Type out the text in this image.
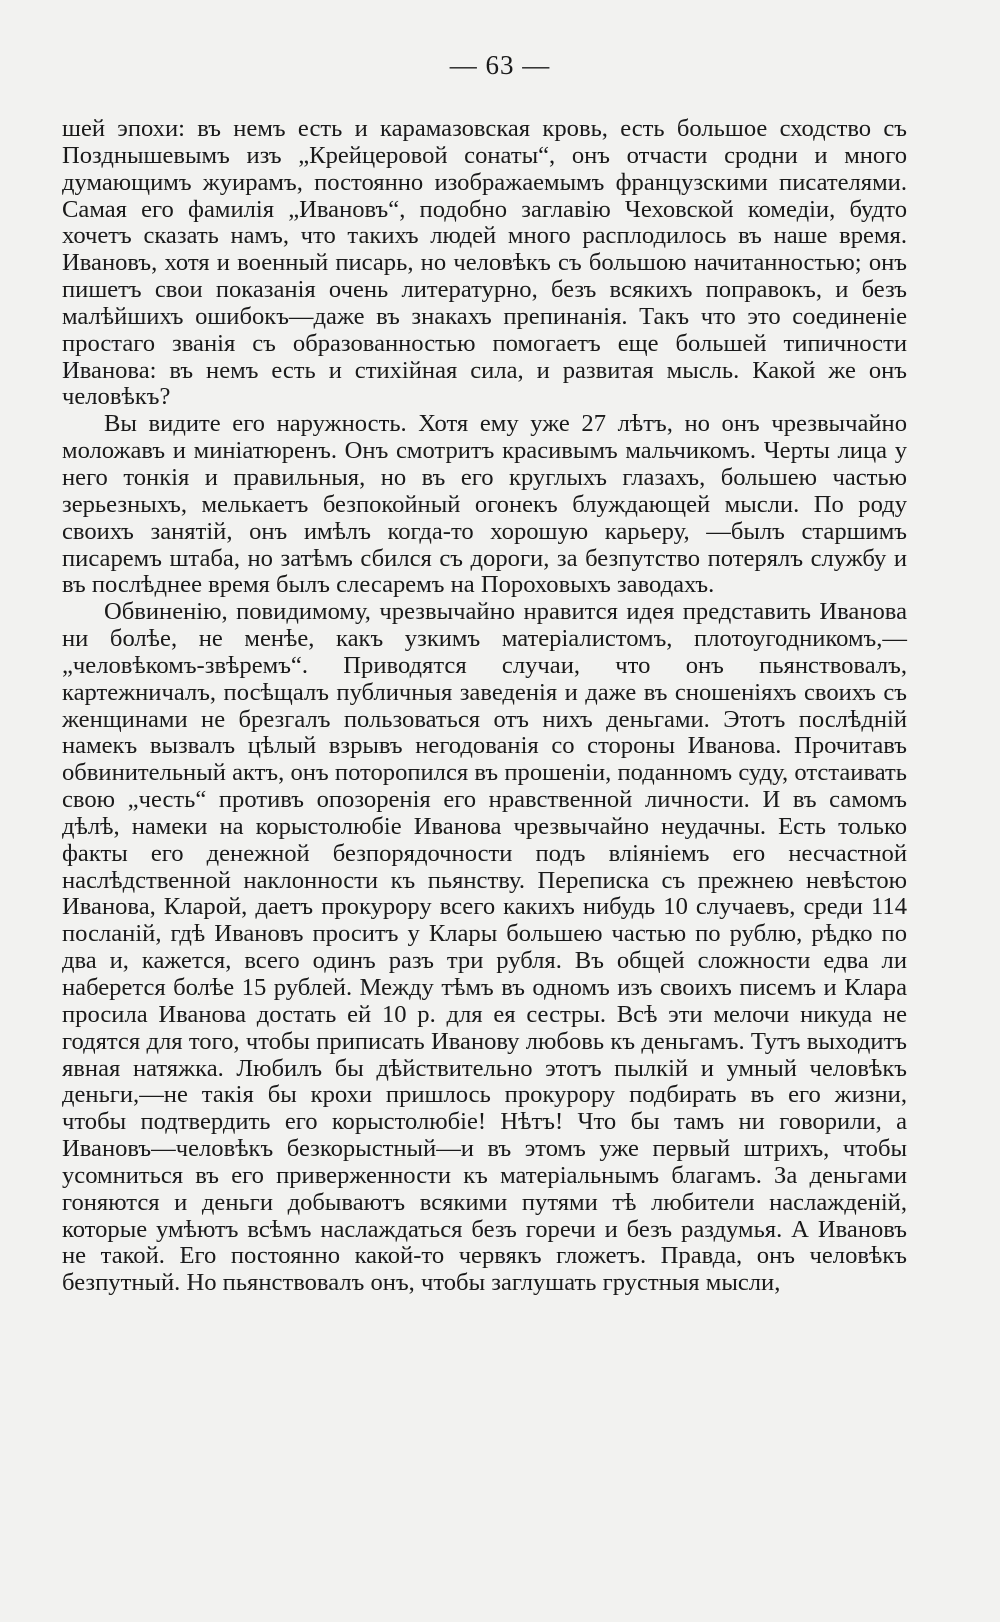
— 63 —

шей эпохи: въ немъ есть и карамазовская кровь, есть большое сходство съ Позднышевымъ изъ „Крейцеровой сонаты“, онъ отчасти сродни и много думающимъ жуирамъ, постоянно изображаемымъ французскими писателями. Самая его фамилія „Ивановъ“, подобно заглавію Чеховской комедіи, будто хочетъ сказать намъ, что такихъ людей много расплодилось въ наше время. Ивановъ, хотя и военный писарь, но человѣкъ съ большою начитанностью; онъ пишетъ свои показанія очень литературно, безъ всякихъ поправокъ, и безъ малѣйшихъ ошибокъ—даже въ знакахъ препинанія. Такъ что это соединеніе простаго званія съ образованностью помогаетъ еще большей типичности Иванова: въ немъ есть и стихійная сила, и развитая мысль. Какой же онъ человѣкъ?

Вы видите его наружность. Хотя ему уже 27 лѣтъ, но онъ чрезвычайно моложавъ и миніатюренъ. Онъ смотритъ красивымъ мальчикомъ. Черты лица у него тонкія и правильныя, но въ его круглыхъ глазахъ, большею частью зерьезныхъ, мелькаетъ безпокойный огонекъ блуждающей мысли. По роду своихъ занятій, онъ имѣлъ когда-то хорошую карьеру, —былъ старшимъ писаремъ штаба, но затѣмъ сбился съ дороги, за безпутство потерялъ службу и въ послѣднее время былъ слесаремъ на Пороховыхъ заводахъ.

Обвиненію, повидимому, чрезвычайно нравится идея представить Иванова ни болѣе, не менѣе, какъ узкимъ матеріалистомъ, плотоугодникомъ,—„человѣкомъ-звѣремъ“. Приводятся случаи, что онъ пьянствовалъ, картежничалъ, посѣщалъ публичныя заведенія и даже въ сношеніяхъ своихъ съ женщинами не брезгалъ пользоваться отъ нихъ деньгами. Этотъ послѣдній намекъ вызвалъ цѣлый взрывъ негодованія со стороны Иванова. Прочитавъ обвинительный актъ, онъ поторопился въ прошеніи, поданномъ суду, отстаивать свою „честь“ противъ опозоренія его нравственной личности. И въ самомъ дѣлѣ, намеки на корыстолюбіе Иванова чрезвычайно неудачны. Есть только факты его денежной безпорядочности подъ вліяніемъ его несчастной наслѣдственной наклонности къ пьянству. Переписка съ прежнею невѣстою Иванова, Кларой, даетъ прокурору всего какихъ нибудь 10 случаевъ, среди 114 посланій, гдѣ Ивановъ проситъ у Клары большею частью по рублю, рѣдко по два и, кажется, всего одинъ разъ три рубля. Въ общей сложности едва ли наберется болѣе 15 рублей. Между тѣмъ въ одномъ изъ своихъ писемъ и Клара просила Иванова достать ей 10 р. для ея сестры. Всѣ эти мелочи никуда не годятся для того, чтобы приписать Иванову любовь къ деньгамъ. Тутъ выходитъ явная натяжка. Любилъ бы дѣйствительно этотъ пылкій и умный человѣкъ деньги,—не такія бы крохи пришлось прокурору подбирать въ его жизни, чтобы подтвердить его корыстолюбіе! Нѣтъ! Что бы тамъ ни говорили, а Ивановъ—человѣкъ безкорыстный—и въ этомъ уже первый штрихъ, чтобы усомниться въ его приверженности къ матеріальнымъ благамъ. За деньгами гоняются и деньги добываютъ всякими путями тѣ любители наслажденій, которые умѣютъ всѣмъ наслаждаться безъ горечи и безъ раздумья. А Ивановъ не такой. Его постоянно какой-то червякъ гложетъ. Правда, онъ человѣкъ безпутный. Но пьянствовалъ онъ, чтобы заглушать грустныя мысли,
